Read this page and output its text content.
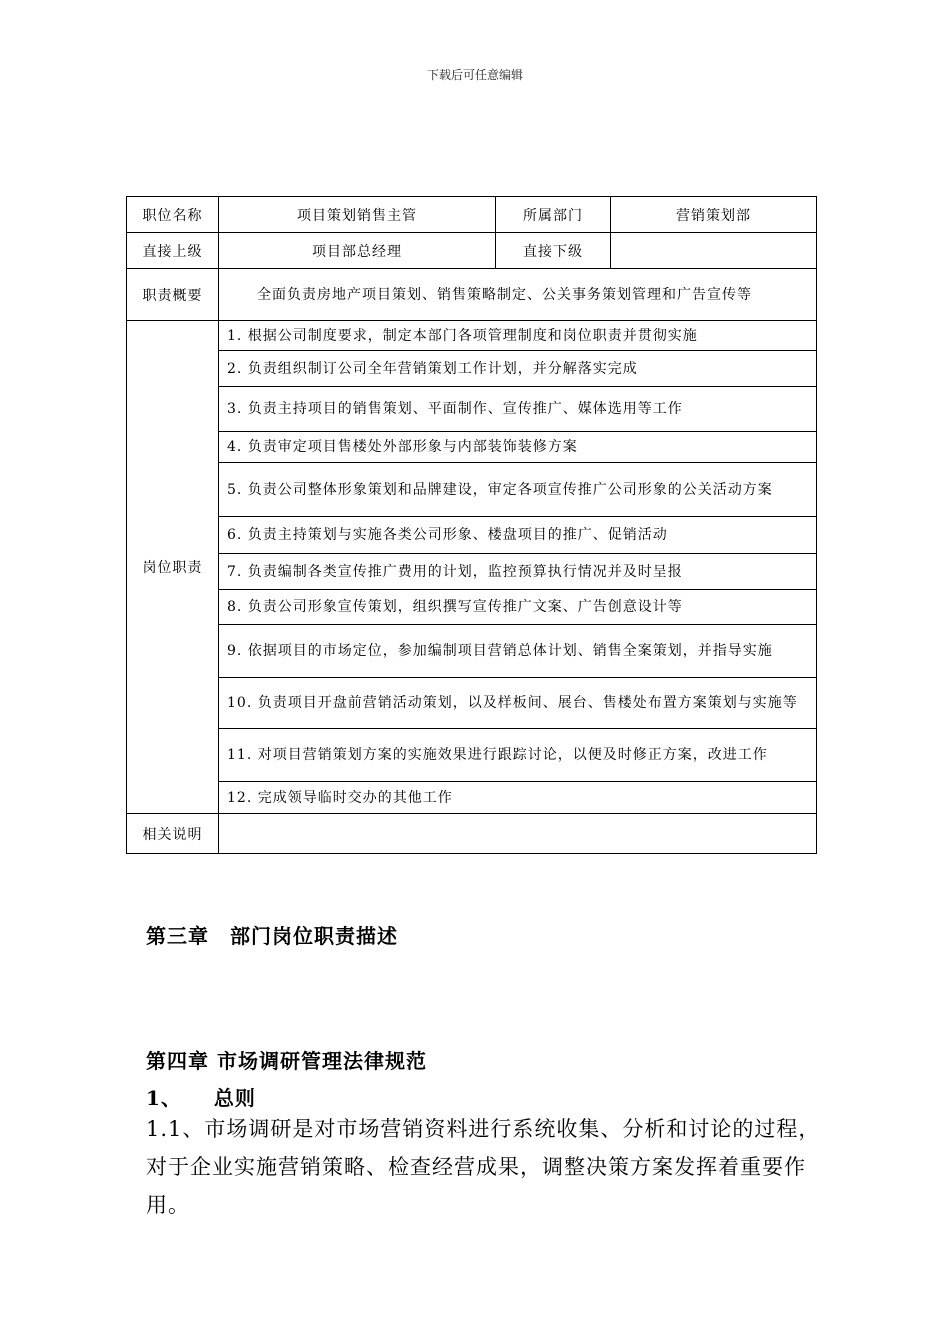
下载后可任意编辑
职位名称	项目策划销售主管	所属部门	营销策划部
直接上级	项目部总经理	直接下级	
职责概要	　　全面负责房地产项目策划、销售策略制定、公关事务策划管理和广告宣传等		
岗位职责	1. 根据公司制度要求，制定本部门各项管理制度和岗位职责并贯彻实施		
	2. 负责组织制订公司全年营销策划工作计划，并分解落实完成		
	3. 负责主持项目的销售策划、平面制作、宣传推广、媒体选用等工作		
	4. 负责审定项目售楼处外部形象与内部装饰装修方案		
	5. 负责公司整体形象策划和品牌建设，审定各项宣传推广公司形象的公关活动方案		
	6. 负责主持策划与实施各类公司形象、楼盘项目的推广、促销活动		
	7. 负责编制各类宣传推广费用的计划，监控预算执行情况并及时呈报		
	8. 负责公司形象宣传策划，组织撰写宣传推广文案、广告创意设计等		
	9. 依据项目的市场定位，参加编制项目营销总体计划、销售全案策划，并指导实施		
	10. 负责项目开盘前营销活动策划，以及样板间、展台、售楼处布置方案策划与实施等		
	11. 对项目营销策划方案的实施效果进行跟踪讨论，以便及时修正方案，改进工作		
	12. 完成领导临时交办的其他工作		
相关说明			
第三章　部门岗位职责描述
第四章 市场调研管理法律规范
1、　　总则
1.1、市场调研是对市场营销资料进行系统收集、分析和讨论的过程，对于企业实施营销策略、检查经营成果，调整决策方案发挥着重要作用。
